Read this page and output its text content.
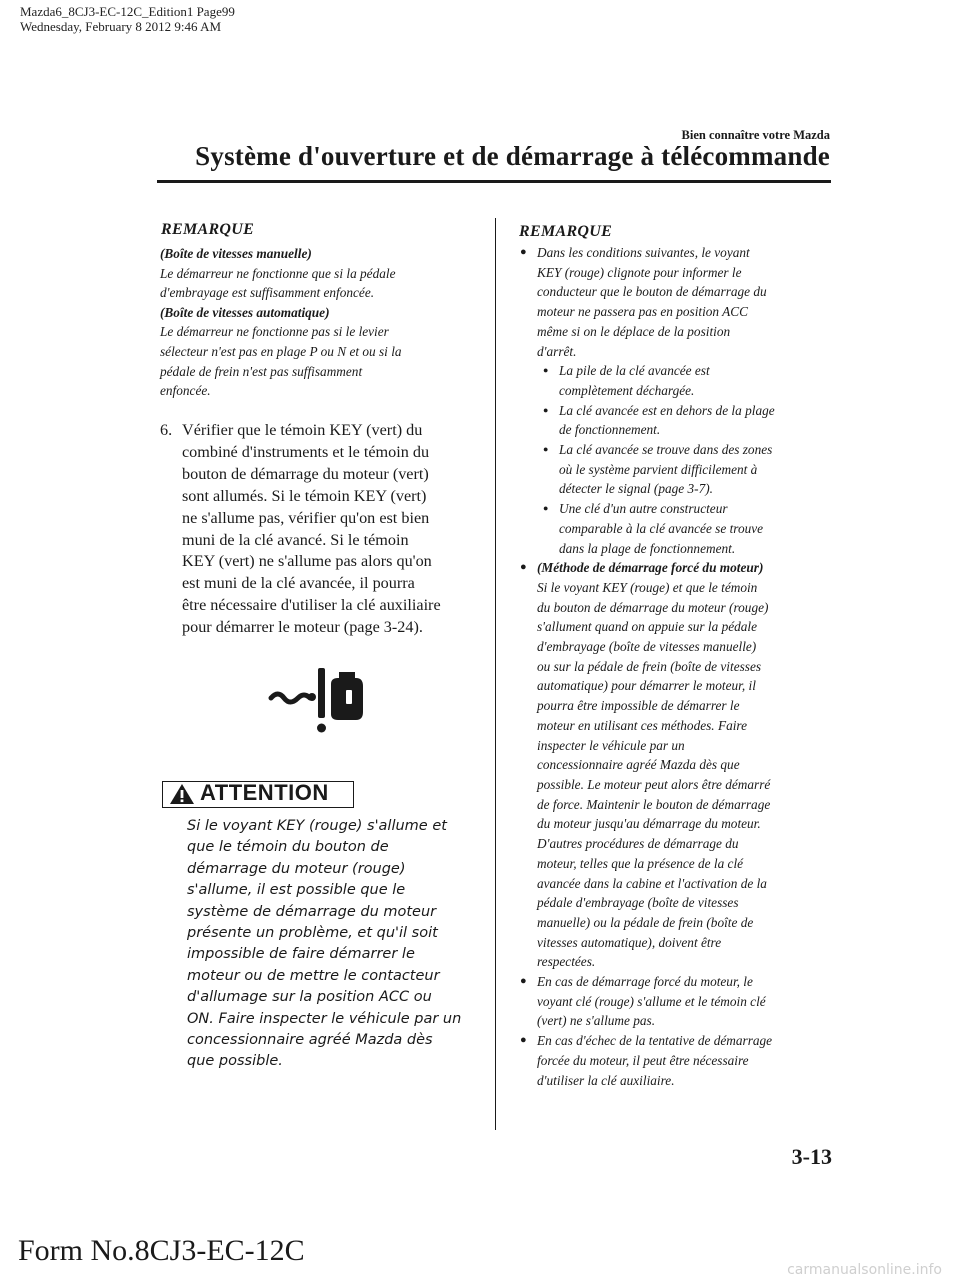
Mazda6_8CJ3-EC-12C_Edition1 Page99
Wednesday, February 8 2012 9:46 AM
Bien connaître votre Mazda
Système d'ouverture et de démarrage à télécommande
REMARQUE
(Boîte de vitesses manuelle)
Le démarreur ne fonctionne que si la pédale
d'embrayage est suffisamment enfoncée.
(Boîte de vitesses automatique)
Le démarreur ne fonctionne pas si le levier
sélecteur n'est pas en plage P ou N et ou si la
pédale de frein n'est pas suffisamment
enfoncée.
6. Vérifier que le témoin KEY (vert) du
combiné d'instruments et le témoin du
bouton de démarrage du moteur (vert)
sont allumés. Si le témoin KEY (vert)
ne s'allume pas, vérifier qu'on est bien
muni de la clé avancé. Si le témoin
KEY (vert) ne s'allume pas alors qu'on
est muni de la clé avancée, il pourra
être nécessaire d'utiliser la clé auxiliaire
pour démarrer le moteur (page 3-24).
ATTENTION
Si le voyant KEY (rouge) s'allume et
que le témoin du bouton de
démarrage du moteur (rouge)
s'allume, il est possible que le
système de démarrage du moteur
présente un problème, et qu'il soit
impossible de faire démarrer le
moteur ou de mettre le contacteur
d'allumage sur la position ACC ou
ON. Faire inspecter le véhicule par un
concessionnaire agréé Mazda dès
que possible.
REMARQUE
● Dans les conditions suivantes, le voyant
KEY (rouge) clignote pour informer le
conducteur que le bouton de démarrage du
moteur ne passera pas en position ACC
même si on le déplace de la position
d'arrêt.
● La pile de la clé avancée est
complètement déchargée.
● La clé avancée est en dehors de la plage
de fonctionnement.
● La clé avancée se trouve dans des zones
où le système parvient difficilement à
détecter le signal (page 3-7).
● Une clé d'un autre constructeur
comparable à la clé avancée se trouve
dans la plage de fonctionnement.
● (Méthode de démarrage forcé du moteur)
Si le voyant KEY (rouge) et que le témoin
du bouton de démarrage du moteur (rouge)
s'allument quand on appuie sur la pédale
d'embrayage (boîte de vitesses manuelle)
ou sur la pédale de frein (boîte de vitesses
automatique) pour démarrer le moteur, il
pourra être impossible de démarrer le
moteur en utilisant ces méthodes. Faire
inspecter le véhicule par un
concessionnaire agréé Mazda dès que
possible. Le moteur peut alors être démarré
de force. Maintenir le bouton de démarrage
du moteur jusqu'au démarrage du moteur.
D'autres procédures de démarrage du
moteur, telles que la présence de la clé
avancée dans la cabine et l'activation de la
pédale d'embrayage (boîte de vitesses
manuelle) ou la pédale de frein (boîte de
vitesses automatique), doivent être
respectées.
● En cas de démarrage forcé du moteur, le
voyant clé (rouge) s'allume et le témoin clé
(vert) ne s'allume pas.
● En cas d'échec de la tentative de démarrage
forcée du moteur, il peut être nécessaire
d'utiliser la clé auxiliaire.
3-13
Form No.8CJ3-EC-12C
carmanualsonline.info
